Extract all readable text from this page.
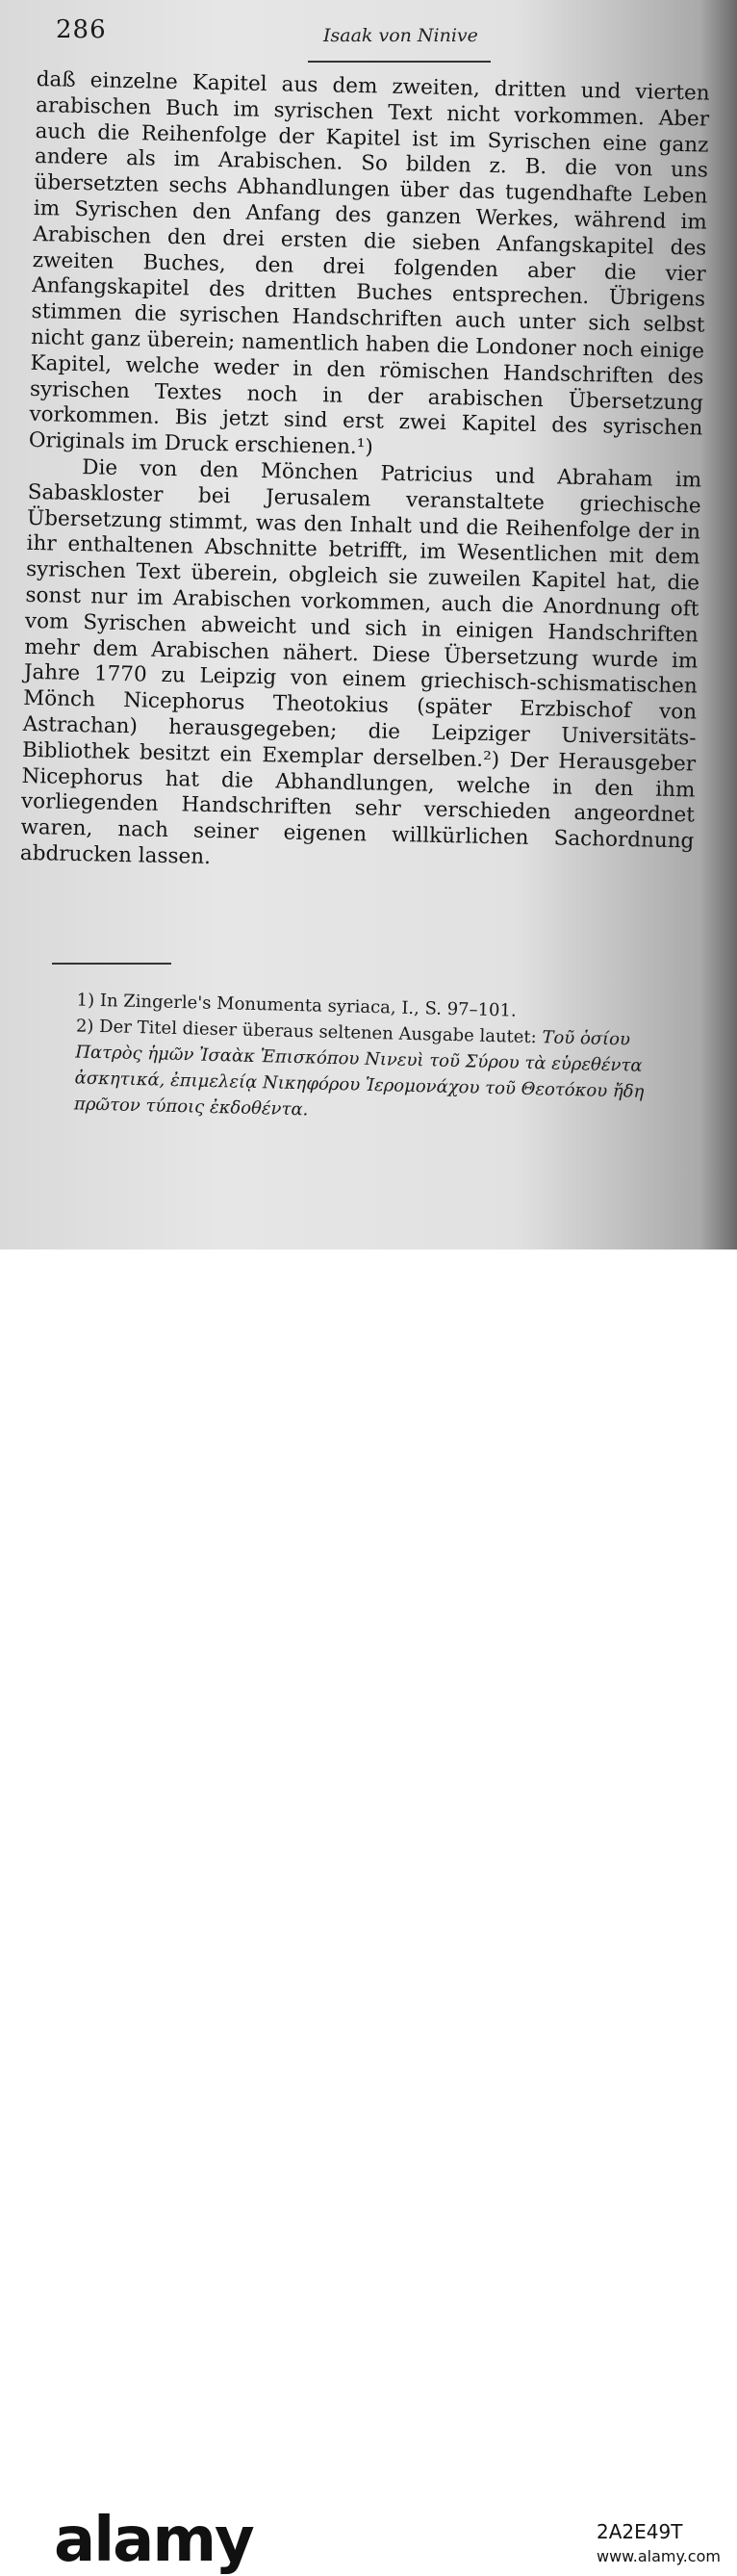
286	Isaak von Ninive

daß einzelne Kapitel aus dem zweiten, dritten und vierten arabischen Buch im syrischen Text nicht vorkommen. Aber auch die Reihenfolge der Kapitel ist im Syrischen eine ganz andere als im Arabischen. So bilden z. B. die von uns übersetzten sechs Abhandlungen über das tugendhafte Leben im Syrischen den Anfang des ganzen Werkes, während im Arabischen den drei ersten die sieben Anfangskapitel des zweiten Buches, den drei folgenden aber die vier Anfangskapitel des dritten Buches entsprechen. Übrigens stimmen die syrischen Handschriften auch unter sich selbst nicht ganz überein; namentlich haben die Londoner noch einige Kapitel, welche weder in den römischen Handschriften des syrischen Textes noch in der arabischen Übersetzung vorkommen. Bis jetzt sind erst zwei Kapitel des syrischen Originals im Druck erschienen.¹)

Die von den Mönchen Patricius und Abraham im Sabaskloster bei Jerusalem veranstaltete griechische Übersetzung stimmt, was den Inhalt und die Reihenfolge der in ihr enthaltenen Abschnitte betrifft, im Wesentlichen mit dem syrischen Text überein, obgleich sie zuweilen Kapitel hat, die sonst nur im Arabischen vorkommen, auch die Anordnung oft vom Syrischen abweicht und sich in einigen Handschriften mehr dem Arabischen nähert. Diese Übersetzung wurde im Jahre 1770 zu Leipzig von einem griechisch-schismatischen Mönch Nicephorus Theotokius (später Erzbischof von Astrachan) herausgegeben; die Leipziger Universitäts-Bibliothek besitzt ein Exemplar derselben.²) Der Herausgeber Nicephorus hat die Abhandlungen, welche in den ihm vorliegenden Handschriften sehr verschieden angeordnet waren, nach seiner eigenen willkürlichen Sachordnung abdrucken lassen.

1) In Zingerle's Monumenta syriaca, I., S. 97–101.

2) Der Titel dieser überaus seltenen Ausgabe lautet: Τοῦ ὁσίου Πατρὸς ἡμῶν Ἰσαὰκ Ἐπισκόπου Νινευὶ τοῦ Σύρου τὰ εὑρεθέντα ἀσκητικά, ἐπιμελείᾳ Νικηφόρου Ἱερομονάχου τοῦ Θεοτόκου ἤδη πρῶτον τύποις ἐκδοθέντα.

alamy	2A2E49T
www.alamy.com
